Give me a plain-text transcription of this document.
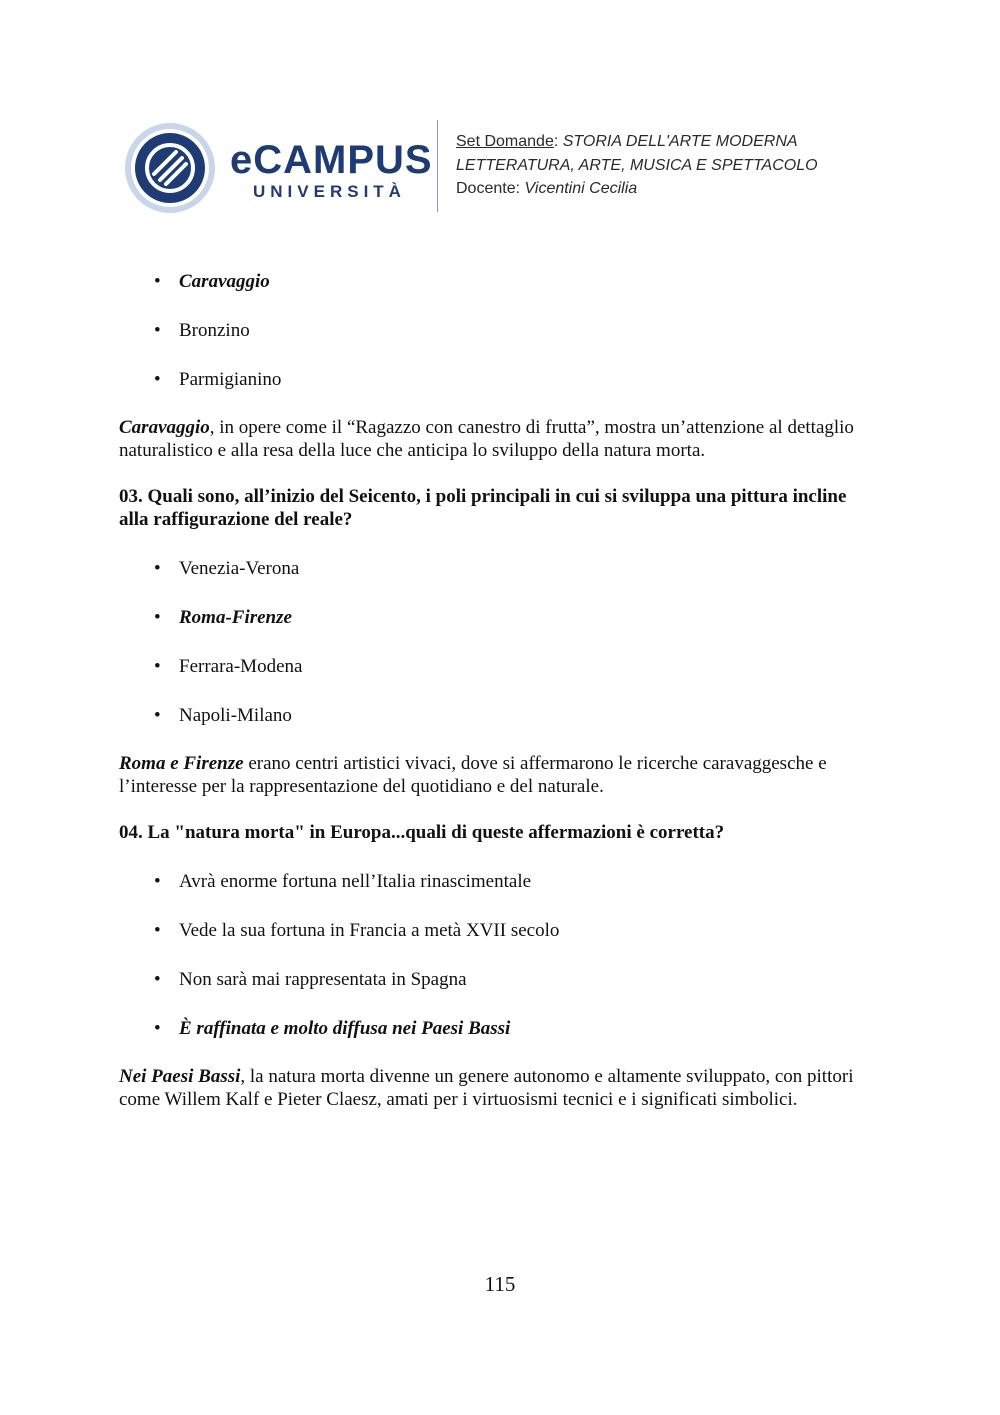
eCAMPUS
UNIVERSITÀ
Set Domande: STORIA DELL'ARTE MODERNA
LETTERATURA, ARTE, MUSICA E SPETTACOLO
Docente: Vicentini Cecilia
• Caravaggio
• Bronzino
• Parmigianino

Caravaggio, in opere come il “Ragazzo con canestro di frutta”, mostra un’attenzione al dettaglio naturalistico e alla resa della luce che anticipa lo sviluppo della natura morta.

03. Quali sono, all’inizio del Seicento, i poli principali in cui si sviluppa una pittura incline alla raffigurazione del reale?

• Venezia-Verona
• Roma-Firenze
• Ferrara-Modena
• Napoli-Milano

Roma e Firenze erano centri artistici vivaci, dove si affermarono le ricerche caravaggesche e l’interesse per la rappresentazione del quotidiano e del naturale.

04. La "natura morta" in Europa...quali di queste affermazioni è corretta?

• Avrà enorme fortuna nell’Italia rinascimentale
• Vede la sua fortuna in Francia a metà XVII secolo
• Non sarà mai rappresentata in Spagna
• È raffinata e molto diffusa nei Paesi Bassi

Nei Paesi Bassi, la natura morta divenne un genere autonomo e altamente sviluppato, con pittori come Willem Kalf e Pieter Claesz, amati per i virtuosismi tecnici e i significati simbolici.

115
